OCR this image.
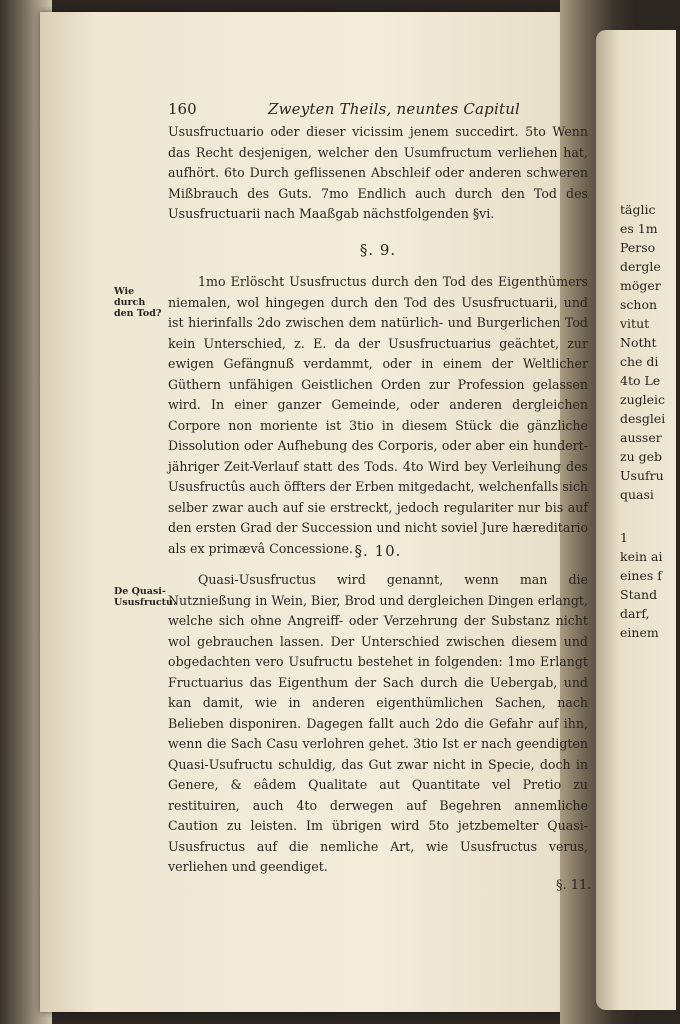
täglic
es 1m
Perso
dergle
möger
schon
vitut
Notht
che di
4to Le
zugleic
desglei
ausser
zu geb
Usufru
quasi
1
kein ai
eines f
Stand
darf,
einem
160	Zweyten Theils, neuntes Capitul

Ususfructuario oder dieser vicissim jenem succedirt. 5to Wenn das Recht desjenigen, welcher den Usumfructum verliehen hat, aufhört. 6to Durch geflissenen Abschleif oder anderen schweren Mißbrauch des Guts. 7mo Endlich auch durch den Tod des Ususfructuarii nach Maaßgab nächstfolgenden §vi.

§. 9.
Wie durch den Tod?

1mo Erlöscht Ususfructus durch den Tod des Eigenthümers niemalen, wol hingegen durch den Tod des Ususfructuarii, und ist hierinfalls 2do zwischen dem natürlich- und Burgerlichen Tod kein Unterschied, z. E. da der Ususfructuarius geächtet, zur ewigen Gefängnuß verdammt, oder in einem der Weltlicher Güthern unfähigen Geistlichen Orden zur Profession gelassen wird. In einer ganzer Gemeinde, oder anderen dergleichen Corpore non moriente ist 3tio in diesem Stück die gänzliche Dissolution oder Aufhebung des Corporis, oder aber ein hundert-jähriger Zeit-Verlauf statt des Tods. 4to Wird bey Verleihung des Ususfructûs auch öffters der Erben mitgedacht, welchenfalls sich selber zwar auch auf sie erstreckt, jedoch regulariter nur bis auf den ersten Grad der Succession und nicht soviel Jure hæreditario als ex primævâ Concessione. §. 10.
De Quasi-Ususfructu.

Quasi-Ususfructus wird genannt, wenn man die Nutznießung in Wein, Bier, Brod und dergleichen Dingen erlangt, welche sich ohne Angreiff- oder Verzehrung der Substanz nicht wol gebrauchen lassen. Der Unterschied zwischen diesem und obgedachten vero Usufructu bestehet in folgenden: 1mo Erlangt Fructuarius das Eigenthum der Sach durch die Uebergab, und kan damit, wie in anderen eigenthümlichen Sachen, nach Belieben disponiren. Dagegen fallt auch 2do die Gefahr auf ihn, wenn die Sach Casu verlohren gehet. 3tio Ist er nach geendigten Quasi-Usufructu schuldig, das Gut zwar nicht in Specie, doch in Genere, & eâdem Qualitate aut Quantitate vel Pretio zu restituiren, auch 4to derwegen auf Begehren annemliche Caution zu leisten. Im übrigen wird 5to jetzbemelter Quasi-Ususfructus auf die nemliche Art, wie Ususfructus verus, verliehen und geendiget.

§. 11.
